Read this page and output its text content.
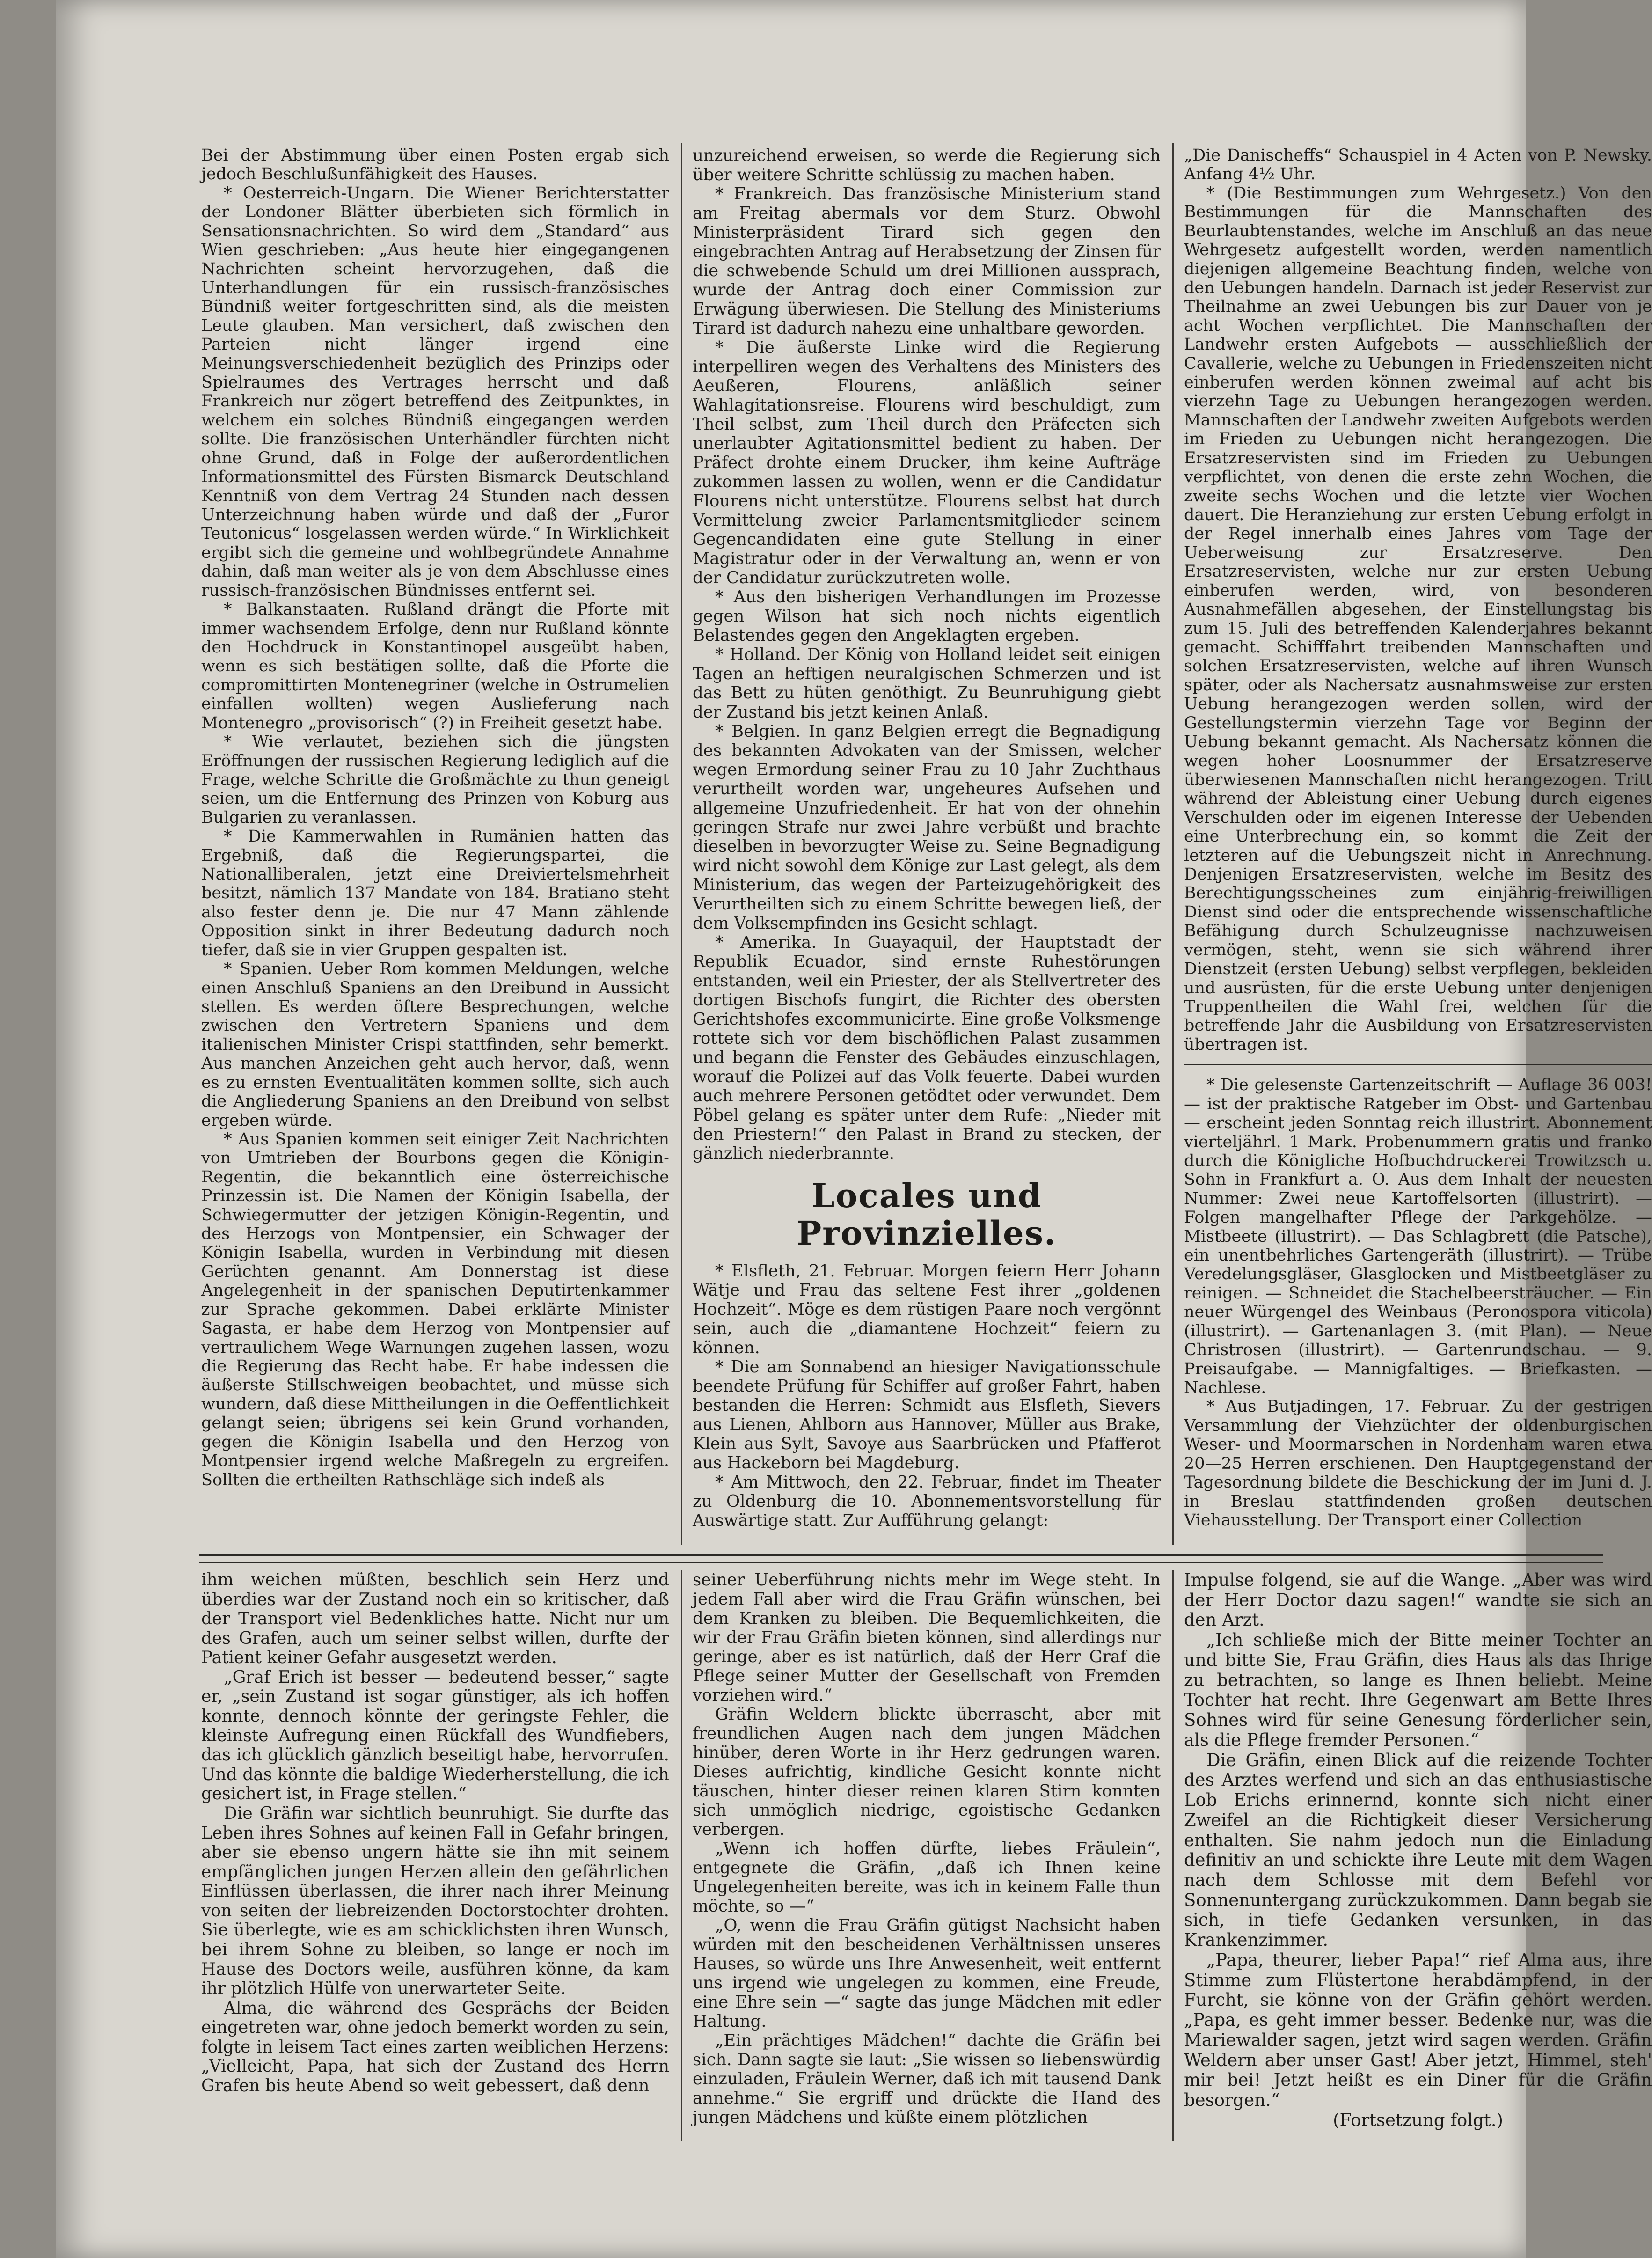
Bei der Abstimmung über einen Posten ergab sich jedoch Beschlußunfähigkeit des Hauses.

* Oesterreich-Ungarn. Die Wiener Berichterstatter der Londoner Blätter überbieten sich förmlich in Sensationsnachrichten. So wird dem „Standard“ aus Wien geschrieben: „Aus heute hier eingegangenen Nachrichten scheint hervorzugehen, daß die Unterhandlungen für ein russisch-französisches Bündniß weiter fortgeschritten sind, als die meisten Leute glauben. Man versichert, daß zwischen den Parteien nicht länger irgend eine Meinungsverschiedenheit bezüglich des Prinzips oder Spielraumes des Vertrages herrscht und daß Frankreich nur zögert betreffend des Zeitpunktes, in welchem ein solches Bündniß eingegangen werden sollte. Die französischen Unterhändler fürchten nicht ohne Grund, daß in Folge der außerordentlichen Informationsmittel des Fürsten Bismarck Deutschland Kenntniß von dem Vertrag 24 Stunden nach dessen Unterzeichnung haben würde und daß der „Furor Teutonicus“ losgelassen werden würde.“ In Wirklichkeit ergibt sich die gemeine und wohlbegründete Annahme dahin, daß man weiter als je von dem Abschlusse eines russisch-französischen Bündnisses entfernt sei.

* Balkanstaaten. Rußland drängt die Pforte mit immer wachsendem Erfolge, denn nur Rußland könnte den Hochdruck in Konstantinopel ausgeübt haben, wenn es sich bestätigen sollte, daß die Pforte die compromittirten Montenegriner (welche in Ostrumelien einfallen wollten) wegen Auslieferung nach Montenegro „provisorisch“ (?) in Freiheit gesetzt habe.

* Wie verlautet, beziehen sich die jüngsten Eröffnungen der russischen Regierung lediglich auf die Frage, welche Schritte die Großmächte zu thun geneigt seien, um die Entfernung des Prinzen von Koburg aus Bulgarien zu veranlassen.

* Die Kammerwahlen in Rumänien hatten das Ergebniß, daß die Regierungspartei, die Nationalliberalen, jetzt eine Dreiviertelsmehrheit besitzt, nämlich 137 Mandate von 184. Bratiano steht also fester denn je. Die nur 47 Mann zählende Opposition sinkt in ihrer Bedeutung dadurch noch tiefer, daß sie in vier Gruppen gespalten ist.

* Spanien. Ueber Rom kommen Meldungen, welche einen Anschluß Spaniens an den Dreibund in Aussicht stellen. Es werden öftere Besprechungen, welche zwischen den Vertretern Spaniens und dem italienischen Minister Crispi stattfinden, sehr bemerkt. Aus manchen Anzeichen geht auch hervor, daß, wenn es zu ernsten Eventualitäten kommen sollte, sich auch die Angliederung Spaniens an den Dreibund von selbst ergeben würde.

* Aus Spanien kommen seit einiger Zeit Nachrichten von Umtrieben der Bourbons gegen die Königin-Regentin, die bekanntlich eine österreichische Prinzessin ist. Die Namen der Königin Isabella, der Schwiegermutter der jetzigen Königin-Regentin, und des Herzogs von Montpensier, ein Schwager der Königin Isabella, wurden in Verbindung mit diesen Gerüchten genannt. Am Donnerstag ist diese Angelegenheit in der spanischen Deputirtenkammer zur Sprache gekommen. Dabei erklärte Minister Sagasta, er habe dem Herzog von Montpensier auf vertraulichem Wege Warnungen zugehen lassen, wozu die Regierung das Recht habe. Er habe indessen die äußerste Stillschweigen beobachtet, und müsse sich wundern, daß diese Mittheilungen in die Oeffentlichkeit gelangt seien; übrigens sei kein Grund vorhanden, gegen die Königin Isabella und den Herzog von Montpensier irgend welche Maßregeln zu ergreifen. Sollten die ertheilten Rathschläge sich indeß als

unzureichend erweisen, so werde die Regierung sich über weitere Schritte schlüssig zu machen haben.

* Frankreich. Das französische Ministerium stand am Freitag abermals vor dem Sturz. Obwohl Ministerpräsident Tirard sich gegen den eingebrachten Antrag auf Herabsetzung der Zinsen für die schwebende Schuld um drei Millionen aussprach, wurde der Antrag doch einer Commission zur Erwägung überwiesen. Die Stellung des Ministeriums Tirard ist dadurch nahezu eine unhaltbare geworden.

* Die äußerste Linke wird die Regierung interpelliren wegen des Verhaltens des Ministers des Aeußeren, Flourens, anläßlich seiner Wahlagitationsreise. Flourens wird beschuldigt, zum Theil selbst, zum Theil durch den Präfecten sich unerlaubter Agitationsmittel bedient zu haben. Der Präfect drohte einem Drucker, ihm keine Aufträge zukommen lassen zu wollen, wenn er die Candidatur Flourens nicht unterstütze. Flourens selbst hat durch Vermittelung zweier Parlamentsmitglieder seinem Gegencandidaten eine gute Stellung in einer Magistratur oder in der Verwaltung an, wenn er von der Candidatur zurückzutreten wolle.

* Aus den bisherigen Verhandlungen im Prozesse gegen Wilson hat sich noch nichts eigentlich Belastendes gegen den Angeklagten ergeben.

* Holland. Der König von Holland leidet seit einigen Tagen an heftigen neuralgischen Schmerzen und ist das Bett zu hüten genöthigt. Zu Beunruhigung giebt der Zustand bis jetzt keinen Anlaß.

* Belgien. In ganz Belgien erregt die Begnadigung des bekannten Advokaten van der Smissen, welcher wegen Ermordung seiner Frau zu 10 Jahr Zuchthaus verurtheilt worden war, ungeheures Aufsehen und allgemeine Unzufriedenheit. Er hat von der ohnehin geringen Strafe nur zwei Jahre verbüßt und brachte dieselben in bevorzugter Weise zu. Seine Begnadigung wird nicht sowohl dem Könige zur Last gelegt, als dem Ministerium, das wegen der Parteizugehörigkeit des Verurtheilten sich zu einem Schritte bewegen ließ, der dem Volksempfinden ins Gesicht schlagt.

* Amerika. In Guayaquil, der Hauptstadt der Republik Ecuador, sind ernste Ruhestörungen entstanden, weil ein Priester, der als Stellvertreter des dortigen Bischofs fungirt, die Richter des obersten Gerichtshofes excommunicirte. Eine große Volksmenge rottete sich vor dem bischöflichen Palast zusammen und begann die Fenster des Gebäudes einzuschlagen, worauf die Polizei auf das Volk feuerte. Dabei wurden auch mehrere Personen getödtet oder verwundet. Dem Pöbel gelang es später unter dem Rufe: „Nieder mit den Priestern!“ den Palast in Brand zu stecken, der gänzlich niederbrannte.

Locales und Provinzielles.

* Elsfleth, 21. Februar. Morgen feiern Herr Johann Wätje und Frau das seltene Fest ihrer „goldenen Hochzeit“. Möge es dem rüstigen Paare noch vergönnt sein, auch die „diamantene Hochzeit“ feiern zu können.

* Die am Sonnabend an hiesiger Navigationsschule beendete Prüfung für Schiffer auf großer Fahrt, haben bestanden die Herren: Schmidt aus Elsfleth, Sievers aus Lienen, Ahlborn aus Hannover, Müller aus Brake, Klein aus Sylt, Savoye aus Saarbrücken und Pfafferot aus Hackeborn bei Magdeburg.

* Am Mittwoch, den 22. Februar, findet im Theater zu Oldenburg die 10. Abonnementsvorstellung für Auswärtige statt. Zur Aufführung gelangt:

„Die Danischeffs“ Schauspiel in 4 Acten von P. Newsky. Anfang 4½ Uhr.

* (Die Bestimmungen zum Wehrgesetz.) Von den Bestimmungen für die Mannschaften des Beurlaubtenstandes, welche im Anschluß an das neue Wehrgesetz aufgestellt worden, werden namentlich diejenigen allgemeine Beachtung finden, welche von den Uebungen handeln. Darnach ist jeder Reservist zur Theilnahme an zwei Uebungen bis zur Dauer von je acht Wochen verpflichtet. Die Mannschaften der Landwehr ersten Aufgebots — ausschließlich der Cavallerie, welche zu Uebungen in Friedenszeiten nicht einberufen werden können zweimal auf acht bis vierzehn Tage zu Uebungen herangezogen werden. Mannschaften der Landwehr zweiten Aufgebots werden im Frieden zu Uebungen nicht herangezogen. Die Ersatzreservisten sind im Frieden zu Uebungen verpflichtet, von denen die erste zehn Wochen, die zweite sechs Wochen und die letzte vier Wochen dauert. Die Heranziehung zur ersten Uebung erfolgt in der Regel innerhalb eines Jahres vom Tage der Ueberweisung zur Ersatzreserve. Den Ersatzreservisten, welche nur zur ersten Uebung einberufen werden, wird, von besonderen Ausnahmefällen abgesehen, der Einstellungstag bis zum 15. Juli des betreffenden Kalenderjahres bekannt gemacht. Schifffahrt treibenden Mannschaften und solchen Ersatzreservisten, welche auf ihren Wunsch später, oder als Nachersatz ausnahmsweise zur ersten Uebung herangezogen werden sollen, wird der Gestellungstermin vierzehn Tage vor Beginn der Uebung bekannt gemacht. Als Nachersatz können die wegen hoher Loosnummer der Ersatzreserve überwiesenen Mannschaften nicht herangezogen. Tritt während der Ableistung einer Uebung durch eigenes Verschulden oder im eigenen Interesse der Uebenden eine Unterbrechung ein, so kommt die Zeit der letzteren auf die Uebungszeit nicht in Anrechnung. Denjenigen Ersatzreservisten, welche im Besitz des Berechtigungsscheines zum einjährig-freiwilligen Dienst sind oder die entsprechende wissenschaftliche Befähigung durch Schulzeugnisse nachzuweisen vermögen, steht, wenn sie sich während ihrer Dienstzeit (ersten Uebung) selbst verpflegen, bekleiden und ausrüsten, für die erste Uebung unter denjenigen Truppentheilen die Wahl frei, welchen für die betreffende Jahr die Ausbildung von Ersatzreservisten übertragen ist.

* Die gelesenste Gartenzeitschrift — Auflage 36 003! — ist der praktische Ratgeber im Obst- und Gartenbau — erscheint jeden Sonntag reich illustrirt. Abonnement vierteljährl. 1 Mark. Probenummern gratis und franko durch die Königliche Hofbuchdruckerei Trowitzsch u. Sohn in Frankfurt a. O. Aus dem Inhalt der neuesten Nummer: Zwei neue Kartoffelsorten (illustrirt). — Folgen mangelhafter Pflege der Parkgehölze. — Mistbeete (illustrirt). — Das Schlagbrett (die Patsche), ein unentbehrliches Gartengeräth (illustrirt). — Trübe Veredelungsgläser, Glasglocken und Mistbeetgläser zu reinigen. — Schneidet die Stachelbeersträucher. — Ein neuer Würgengel des Weinbaus (Peronospora viticola) (illustrirt). — Gartenanlagen 3. (mit Plan). — Neue Christrosen (illustrirt). — Gartenrundschau. — 9. Preisaufgabe. — Mannigfaltiges. — Briefkasten. — Nachlese.

* Aus Butjadingen, 17. Februar. Zu der gestrigen Versammlung der Viehzüchter der oldenburgischen Weser- und Moormarschen in Nordenham waren etwa 20—25 Herren erschienen. Den Hauptgegenstand der Tagesordnung bildete die Beschickung der im Juni d. J. in Breslau stattfindenden großen deutschen Viehausstellung. Der Transport einer Collection

ihm weichen müßten, beschlich sein Herz und überdies war der Zustand noch ein so kritischer, daß der Transport viel Bedenkliches hatte. Nicht nur um des Grafen, auch um seiner selbst willen, durfte der Patient keiner Gefahr ausgesetzt werden.

„Graf Erich ist besser — bedeutend besser,“ sagte er, „sein Zustand ist sogar günstiger, als ich hoffen konnte, dennoch könnte der geringste Fehler, die kleinste Aufregung einen Rückfall des Wundfiebers, das ich glücklich gänzlich beseitigt habe, hervorrufen. Und das könnte die baldige Wiederherstellung, die ich gesichert ist, in Frage stellen.“

Die Gräfin war sichtlich beunruhigt. Sie durfte das Leben ihres Sohnes auf keinen Fall in Gefahr bringen, aber sie ebenso ungern hätte sie ihn mit seinem empfänglichen jungen Herzen allein den gefährlichen Einflüssen überlassen, die ihrer nach ihrer Meinung von seiten der liebreizenden Doctorstochter drohten. Sie überlegte, wie es am schicklichsten ihren Wunsch, bei ihrem Sohne zu bleiben, so lange er noch im Hause des Doctors weile, ausführen könne, da kam ihr plötzlich Hülfe von unerwarteter Seite.

Alma, die während des Gesprächs der Beiden eingetreten war, ohne jedoch bemerkt worden zu sein, folgte in leisem Tact eines zarten weiblichen Herzens: „Vielleicht, Papa, hat sich der Zustand des Herrn Grafen bis heute Abend so weit gebessert, daß denn

seiner Ueberführung nichts mehr im Wege steht. In jedem Fall aber wird die Frau Gräfin wünschen, bei dem Kranken zu bleiben. Die Bequemlichkeiten, die wir der Frau Gräfin bieten können, sind allerdings nur geringe, aber es ist natürlich, daß der Herr Graf die Pflege seiner Mutter der Gesellschaft von Fremden vorziehen wird.“

Gräfin Weldern blickte überrascht, aber mit freundlichen Augen nach dem jungen Mädchen hinüber, deren Worte in ihr Herz gedrungen waren. Dieses aufrichtig, kindliche Gesicht konnte nicht täuschen, hinter dieser reinen klaren Stirn konnten sich unmöglich niedrige, egoistische Gedanken verbergen.

„Wenn ich hoffen dürfte, liebes Fräulein“, entgegnete die Gräfin, „daß ich Ihnen keine Ungelegenheiten bereite, was ich in keinem Falle thun möchte, so —“

„O, wenn die Frau Gräfin gütigst Nachsicht haben würden mit den bescheidenen Verhältnissen unseres Hauses, so würde uns Ihre Anwesenheit, weit entfernt uns irgend wie ungelegen zu kommen, eine Freude, eine Ehre sein —“ sagte das junge Mädchen mit edler Haltung.

„Ein prächtiges Mädchen!“ dachte die Gräfin bei sich. Dann sagte sie laut: „Sie wissen so liebenswürdig einzuladen, Fräulein Werner, daß ich mit tausend Dank annehme.“ Sie ergriff und drückte die Hand des jungen Mädchens und küßte einem plötzlichen

Impulse folgend, sie auf die Wange. „Aber was wird der Herr Doctor dazu sagen!“ wandte sie sich an den Arzt.

„Ich schließe mich der Bitte meiner Tochter an und bitte Sie, Frau Gräfin, dies Haus als das Ihrige zu betrachten, so lange es Ihnen beliebt. Meine Tochter hat recht. Ihre Gegenwart am Bette Ihres Sohnes wird für seine Genesung förderlicher sein, als die Pflege fremder Personen.“

Die Gräfin, einen Blick auf die reizende Tochter des Arztes werfend und sich an das enthusiastische Lob Erichs erinnernd, konnte sich nicht einer Zweifel an die Richtigkeit dieser Versicherung enthalten. Sie nahm jedoch nun die Einladung definitiv an und schickte ihre Leute mit dem Wagen nach dem Schlosse mit dem Befehl vor Sonnenuntergang zurückzukommen. Dann begab sie sich, in tiefe Gedanken versunken, in das Krankenzimmer.

„Papa, theurer, lieber Papa!“ rief Alma aus, ihre Stimme zum Flüstertone herabdämpfend, in der Furcht, sie könne von der Gräfin gehört werden. „Papa, es geht immer besser. Bedenke nur, was die Mariewalder sagen, jetzt wird sagen werden. Gräfin Weldern aber unser Gast! Aber jetzt, Himmel, steh' mir bei! Jetzt heißt es ein Diner für die Gräfin besorgen.“

(Fortsetzung folgt.)
